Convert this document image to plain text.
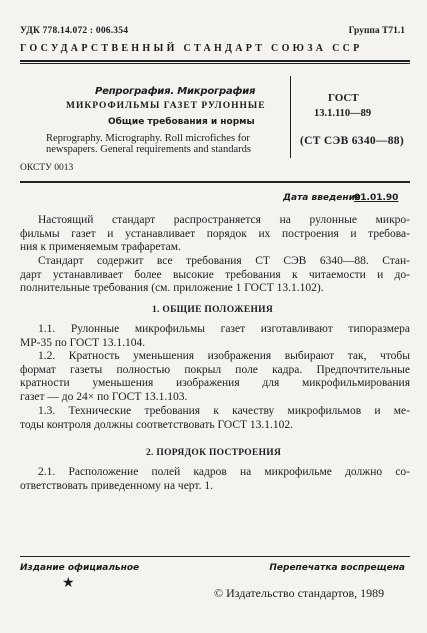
УДК 778.14.072 : 006.354	Группа Т71.1
ГОСУДАРСТВЕННЫЙ СТАНДАРТ СОЮЗА ССР
Репрография. Микрография
МИКРОФИЛЬМЫ ГАЗЕТ РУЛОННЫЕ
Общие требования и нормы
Reprography. Micrography. Roll microfiches for
newspapers. General requirements and standards
ОКСТУ 0013
ГОСТ
13.1.110—89
(СТ СЭВ 6340—88)
Дата введения
01.01.90
Настоящий стандарт распространяется на рулонные микро-
фильмы газет и устанавливает порядок их построения и требова-
ния к применяемым трафаретам.
Стандарт содержит все требования СТ СЭВ 6340—88. Стан-
дарт устанавливает более высокие требования к читаемости и до-
полнительные требования (см. приложение 1 ГОСТ 13.1.102).
1. ОБЩИЕ ПОЛОЖЕНИЯ
1.1. Рулонные микрофильмы газет изготавливают типоразмера
МР-35 по ГОСТ 13.1.104.
1.2. Кратность уменьшения изображения выбирают так, чтобы
формат газеты полностью покрыл поле кадра. Предпочтительные
кратности уменьшения изображения для микрофильмирования
газет — до 24× по ГОСТ 13.1.103.
1.3. Технические требования к качеству микрофильмов и ме-
тоды контроля должны соответствовать ГОСТ 13.1.102.
2. ПОРЯДОК ПОСТРОЕНИЯ
2.1. Расположение полей кадров на микрофильме должно со-
ответствовать приведенному на черт. 1.
Издание официальное	Перепечатка воспрещена
★
© Издательство стандартов, 1989
